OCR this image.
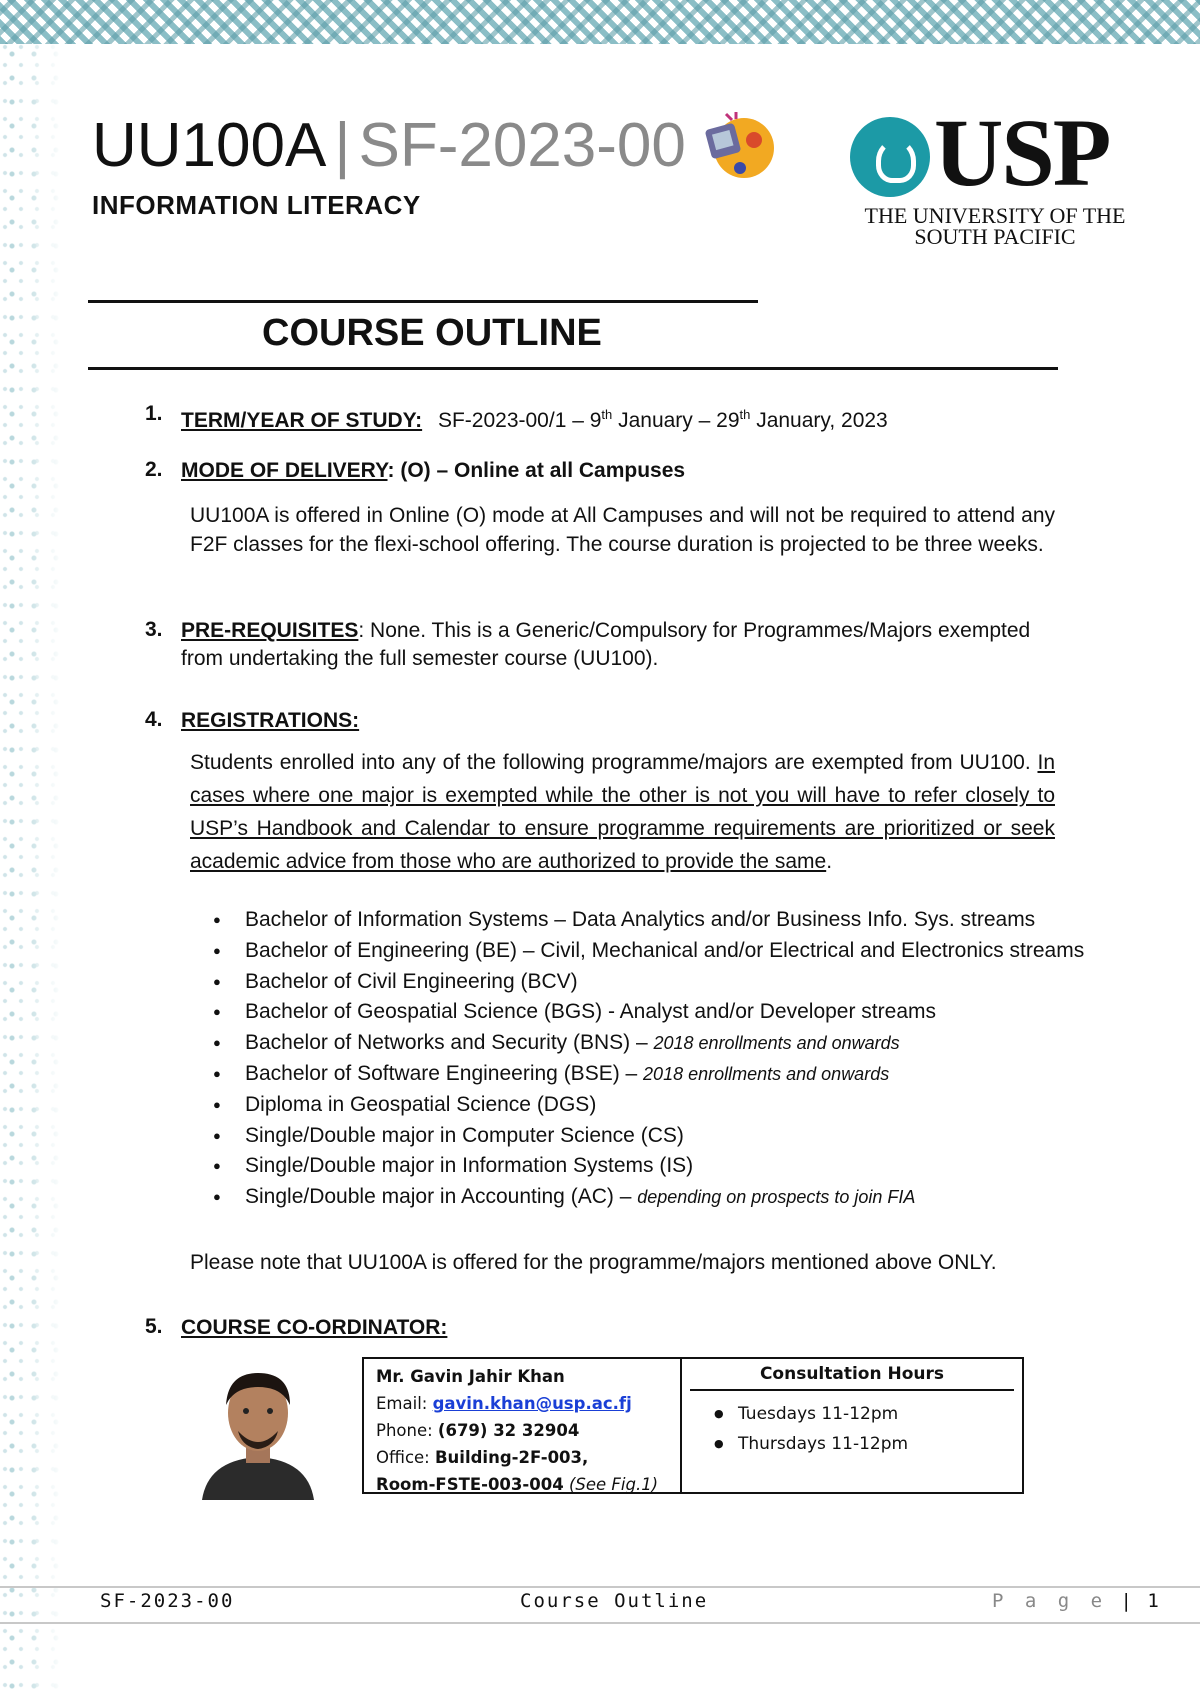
UU100A | SF-2023-00
INFORMATION LITERACY	USP
THE UNIVERSITY OF THE
SOUTH PACIFIC
COURSE OUTLINE
1. TERM/YEAR OF STUDY: SF-2023-00/1 – 9th January – 29th January, 2023
2. MODE OF DELIVERY: (O) – Online at all Campuses
UU100A is offered in Online (O) mode at All Campuses and will not be required to attend any F2F classes for the flexi-school offering. The course duration is projected to be three weeks.
3. PRE-REQUISITES: None. This is a Generic/Compulsory for Programmes/Majors exempted from undertaking the full semester course (UU100).
4. REGISTRATIONS:
Students enrolled into any of the following programme/majors are exempted from UU100. In cases where one major is exempted while the other is not you will have to refer closely to USP’s Handbook and Calendar to ensure programme requirements are prioritized or seek academic advice from those who are authorized to provide the same.
● Bachelor of Information Systems – Data Analytics and/or Business Info. Sys. streams
● Bachelor of Engineering (BE) – Civil, Mechanical and/or Electrical and Electronics streams
● Bachelor of Civil Engineering (BCV)
● Bachelor of Geospatial Science (BGS) - Analyst and/or Developer streams
● Bachelor of Networks and Security (BNS) – 2018 enrollments and onwards
● Bachelor of Software Engineering (BSE) – 2018 enrollments and onwards
● Diploma in Geospatial Science (DGS)
● Single/Double major in Computer Science (CS)
● Single/Double major in Information Systems (IS)
● Single/Double major in Accounting (AC) – depending on prospects to join FIA
Please note that UU100A is offered for the programme/majors mentioned above ONLY.
5. COURSE CO-ORDINATOR:
Mr. Gavin Jahir Khan
Email: gavin.khan@usp.ac.fj
Phone: (679) 32 32904
Office: Building-2F-003,
Room-FSTE-003-004 (See Fig.1)
Consultation Hours
● Tuesdays 11-12pm
● Thursdays 11-12pm
SF-2023-00	Course Outline	P a g e | 1
